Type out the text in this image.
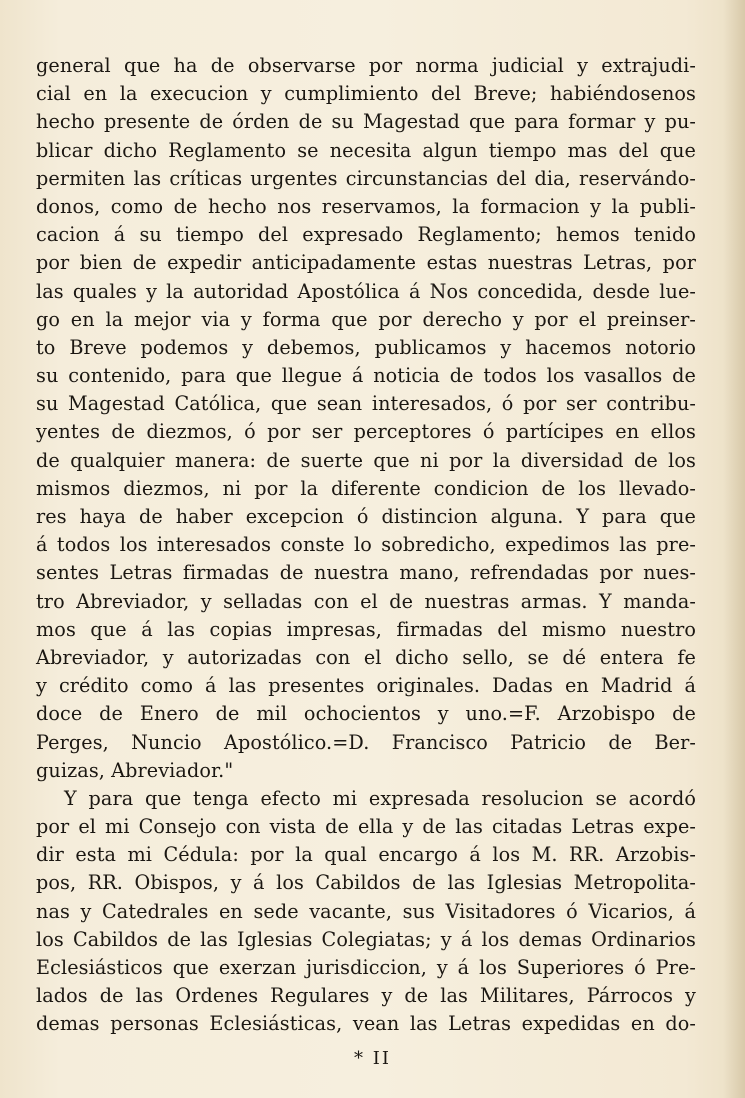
general que ha de observarse por norma judicial y extrajudi-
cial en la execucion y cumplimiento del Breve; habiéndosenos
hecho presente de órden de su Magestad que para formar y pu-
blicar dicho Reglamento se necesita algun tiempo mas del que
permiten las críticas urgentes circunstancias del dia, reservándo-
donos, como de hecho nos reservamos, la formacion y la publi-
cacion á su tiempo del expresado Reglamento; hemos tenido
por bien de expedir anticipadamente estas nuestras Letras, por
las quales y la autoridad Apostólica á Nos concedida, desde lue-
go en la mejor via y forma que por derecho y por el preinser-
to Breve podemos y debemos, publicamos y hacemos notorio
su contenido, para que llegue á noticia de todos los vasallos de
su Magestad Católica, que sean interesados, ó por ser contribu-
yentes de diezmos, ó por ser perceptores ó partícipes en ellos
de qualquier manera: de suerte que ni por la diversidad de los
mismos diezmos, ni por la diferente condicion de los llevado-
res haya de haber excepcion ó distincion alguna. Y para que
á todos los interesados conste lo sobredicho, expedimos las pre-
sentes Letras firmadas de nuestra mano, refrendadas por nues-
tro Abreviador, y selladas con el de nuestras armas. Y manda-
mos que á las copias impresas, firmadas del mismo nuestro
Abreviador, y autorizadas con el dicho sello, se dé entera fe
y crédito como á las presentes originales. Dadas en Madrid á
doce de Enero de mil ochocientos y uno.=F. Arzobispo de
Perges, Nuncio Apostólico.=D. Francisco Patricio de Ber-
guizas, Abreviador."
Y para que tenga efecto mi expresada resolucion se acordó
por el mi Consejo con vista de ella y de las citadas Letras expe-
dir esta mi Cédula: por la qual encargo á los M. RR. Arzobis-
pos, RR. Obispos, y á los Cabildos de las Iglesias Metropolita-
nas y Catedrales en sede vacante, sus Visitadores ó Vicarios, á
los Cabildos de las Iglesias Colegiatas; y á los demas Ordinarios
Eclesiásticos que exerzan jurisdiccion, y á los Superiores ó Pre-
lados de las Ordenes Regulares y de las Militares, Párrocos y
demas personas Eclesiásticas, vean las Letras expedidas en do-
* II
